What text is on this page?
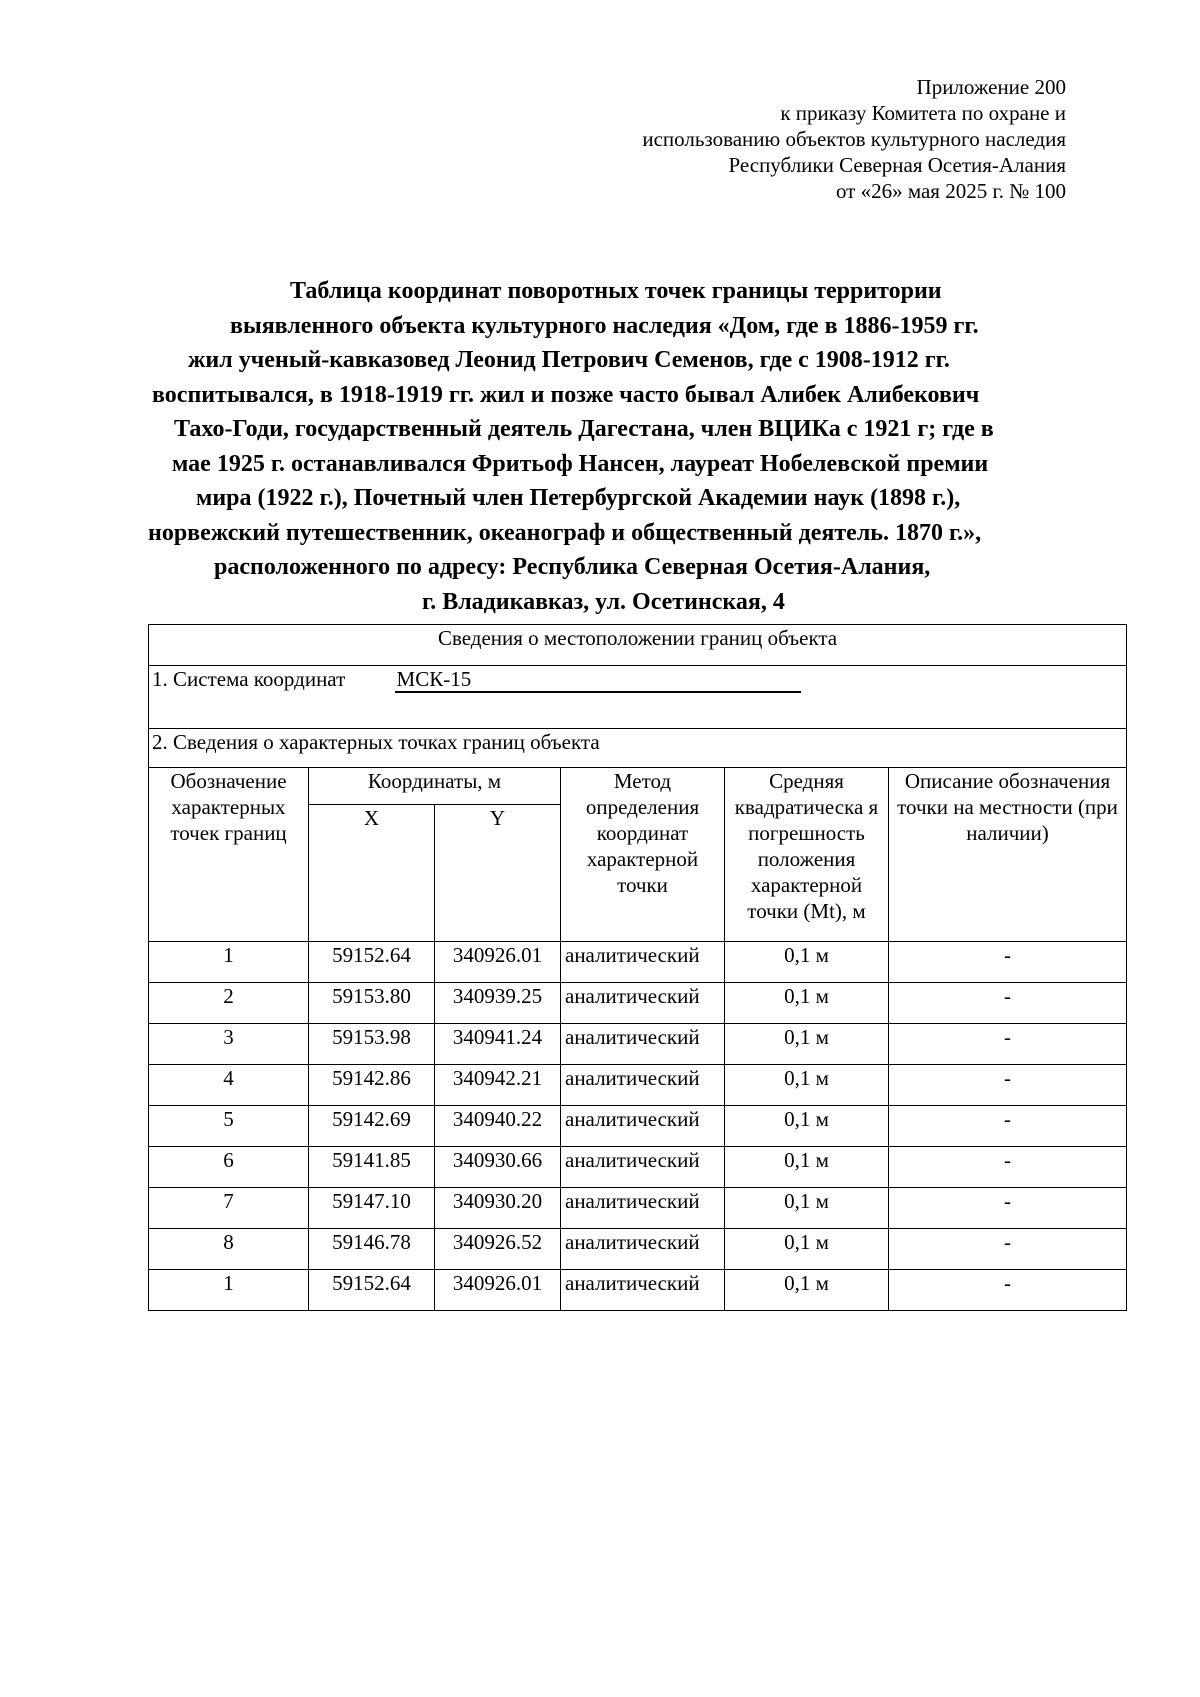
Приложение 200
к приказу Комитета по охране и
использованию объектов культурного наследия
Республики Северная Осетия-Алания
от «26» мая 2025 г. № 100
Таблица координат поворотных точек границы территории
выявленного объекта культурного наследия «Дом, где в 1886-1959 гг.
жил ученый-кавказовед Леонид Петрович Семенов, где с 1908-1912 гг.
воспитывался, в 1918-1919 гг. жил и позже часто бывал Алибек Алибекович
Тахо-Годи, государственный деятель Дагестана, член ВЦИКа с 1921 г; где в
мае 1925 г. останавливался Фритьоф Нансен, лауреат Нобелевской премии
мира (1922 г.), Почетный член Петербургской Академии наук (1898 г.),
норвежский путешественник, океанограф и общественный деятель. 1870 г.»,
расположенного по адресу: Республика Северная Осетия-Алания,
г. Владикавказ, ул. Осетинская, 4
Сведения о местоположении границ объекта					
1. Система координат МСК-15					
2. Сведения о характерных точках границ объекта					
Обозначение характерных точек границ	Координаты, м		Метод определения координат характерной точки	Средняя квадратическа я погрешность положения характерной точки (Mt), м	Описание обозначения точки на местности (при наличии)
	X	Y			
1	59152.64	340926.01	аналитический	0,1 м	-
2	59153.80	340939.25	аналитический	0,1 м	-
3	59153.98	340941.24	аналитический	0,1 м	-
4	59142.86	340942.21	аналитический	0,1 м	-
5	59142.69	340940.22	аналитический	0,1 м	-
6	59141.85	340930.66	аналитический	0,1 м	-
7	59147.10	340930.20	аналитический	0,1 м	-
8	59146.78	340926.52	аналитический	0,1 м	-
1	59152.64	340926.01	аналитический	0,1 м	-
